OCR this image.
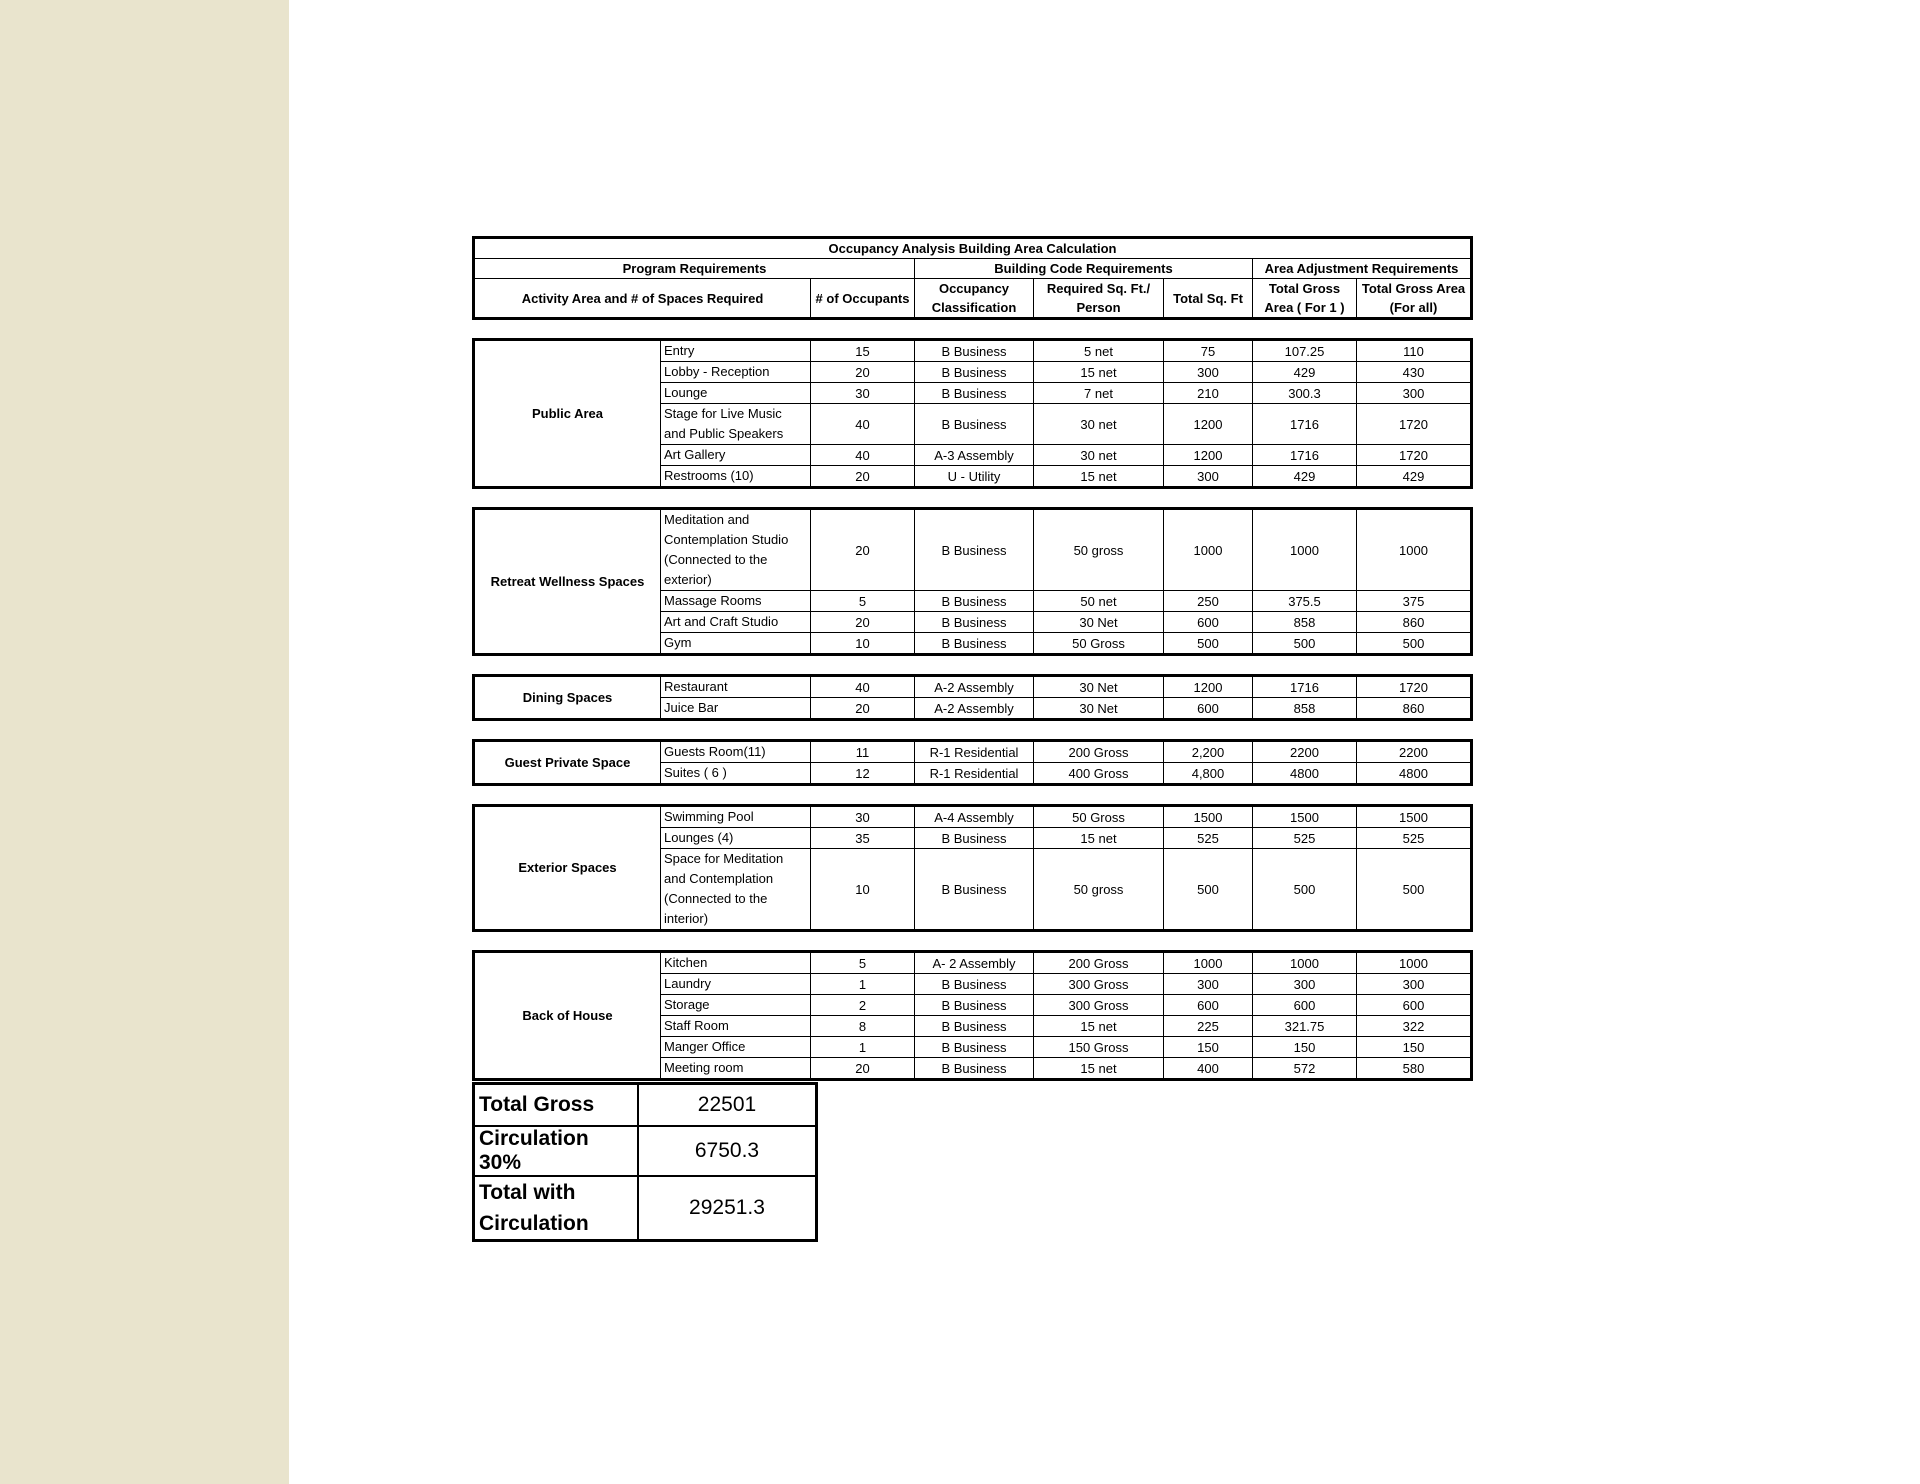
Occupancy Analysis Building Area Calculation						
Program Requirements		Building Code Requirements			Area Adjustment Requirements	
Activity Area and # of Spaces Required	# of Occupants	Occupancy Classification	Required Sq. Ft./ Person	Total Sq. Ft	Total Gross Area ( For 1 )	Total Gross Area (For all)
Public Area	Entry	15	B Business	5 net	75	107.25	110
	Lobby - Reception	20	B Business	15 net	300	429	430
	Lounge	30	B Business	7 net	210	300.3	300
	Stage for Live Music and Public Speakers	40	B Business	30 net	1200	1716	1720
	Art Gallery	40	A-3 Assembly	30 net	1200	1716	1720
	Restrooms (10)	20	U - Utility	15 net	300	429	429
Retreat Wellness Spaces	Meditation and Contemplation Studio (Connected to the exterior)	20	B Business	50 gross	1000	1000	1000
	Massage Rooms	5	B Business	50 net	250	375.5	375
	Art and Craft Studio	20	B Business	30 Net	600	858	860
	Gym	10	B Business	50 Gross	500	500	500
Dining Spaces	Restaurant	40	A-2 Assembly	30 Net	1200	1716	1720
	Juice Bar	20	A-2 Assembly	30 Net	600	858	860
Guest Private Space	Guests Room(11)	11	R-1 Residential	200 Gross	2,200	2200	2200
	Suites ( 6 )	12	R-1 Residential	400 Gross	4,800	4800	4800
Exterior Spaces	Swimming Pool	30	A-4 Assembly	50 Gross	1500	1500	1500
	Lounges (4)	35	B Business	15 net	525	525	525
	Space for Meditation and Contemplation (Connected to the interior)	10	B Business	50 gross	500	500	500
Back of House	Kitchen	5	A- 2 Assembly	200 Gross	1000	1000	1000
	Laundry	1	B Business	300 Gross	300	300	300
	Storage	2	B Business	300 Gross	600	600	600
	Staff Room	8	B Business	15 net	225	321.75	322
	Manger Office	1	B Business	150 Gross	150	150	150
	Meeting room	20	B Business	15 net	400	572	580
Total Gross	22501
Circulation 30%	6750.3
Total with Circulation	29251.3
